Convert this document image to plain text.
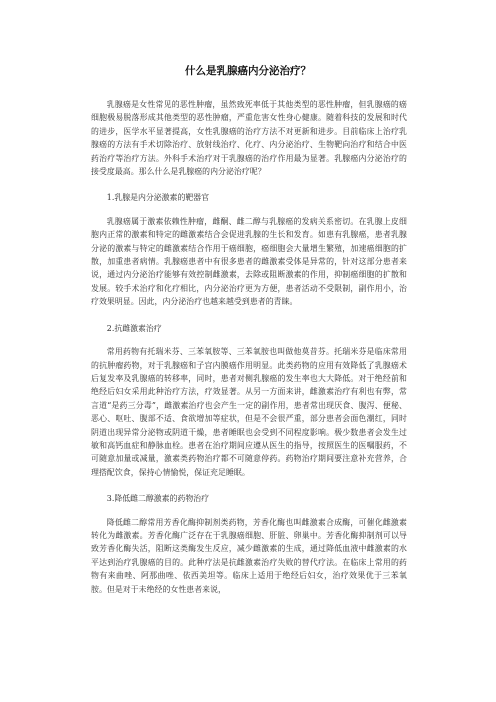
什么是乳腺癌内分泌治疗？

乳腺癌是女性常见的恶性肿瘤，虽然致死率低于其他类型的恶性肿瘤，但乳腺癌的癌细胞极易脱落形成其他类型的恶性肿瘤，严重危害女性身心健康。随着科技的发展和时代的进步，医学水平显著提高，女性乳腺癌的治疗方法不对更新和进步。目前临床上治疗乳腺癌的方法有手术切除治疗、放射线治疗、化疗、内分泌治疗、生物靶向治疗和结合中医药治疗等治疗方法。外科手术治疗对于乳腺癌的治疗作用最为显著。乳腺癌内分泌治疗的接受度最高。那么什么是乳腺癌的内分泌治疗呢？

1.乳腺是内分泌激素的靶器官

乳腺癌属于激素依赖性肿瘤，雌酮、雌二醇与乳腺癌的发病关系密切。在乳腺上皮细胞内正常的激素和特定的雌激素结合会促进乳腺的生长和发育。如患有乳腺癌，患者乳腺分泌的激素与特定的雌激素结合作用于癌细胞，癌细胞会大量增生繁殖，加速癌细胞的扩散，加重患者病情。乳腺癌患者中有很多患者的雌激素受体是异常的，针对这部分患者来说，通过内分泌治疗能够有效控制雌激素，去除或阻断激素的作用，抑制癌细胞的扩散和发展。较手术治疗和化疗相比，内分泌治疗更为方便，患者活动不受限制，副作用小，治疗效果明显。因此，内分泌治疗也越来越受到患者的青睐。

2.抗雌激素治疗

常用药物有托瑞米芬、三苯氧胺等、三苯氧胺也叫做他莫昔芬。托瑞米芬是临床常用的抗肿瘤药物，对于乳腺癌和子宫内膜癌作用明显。此类药物的应用有效降低了乳腺癌术后复发率及乳腺癌的转移率，同时，患者对侧乳腺癌的发生率也大大降低。对于绝经前和绝经后妇女采用此种治疗方法，疗效显著。从另一方面来讲，雌激素治疗有利也有弊，常言道“是药三分毒”，雌激素治疗也会产生一定的副作用，患者常出现厌食、腹泻、便秘、恶心、呕吐、腹部不适、食欲增加等症状，但是不会很严重，部分患者会面色潮红，同时阴道出现异常分泌物或阴道干燥，患者睡眠也会受到不同程度影响。极少数患者会发生过敏和高钙血症和静脉血栓。患者在治疗期间应遵从医生的指导，按照医生的医嘱服药，不可随意加量或减量，激素类药物治疗都不可随意停药。药物治疗期间要注意补充营养，合理搭配饮食，保持心情愉悦，保证充足睡眠。

3.降低雌二醇激素的药物治疗

降低雌二醇常用芳香化酶抑制剂类药物，芳香化酶也叫雌激素合成酶，可催化雌激素转化为雌激素。芳香化酶广泛存在于乳腺癌细胞、肝脏、卵巢中。芳香化酶抑制剂可以导致芳香化酶失活，阻断这类酶发生反应，减少雌激素的生成，通过降低血液中雌激素的水平达到治疗乳腺癌的目的。此种疗法是抗雌激素治疗失败的替代疗法。在临床上常用的药物有来曲唑、阿那曲唑、依西美坦等。临床上适用于绝经后妇女，治疗效果优于三苯氧胺。但是对于未绝经的女性患者来说，
